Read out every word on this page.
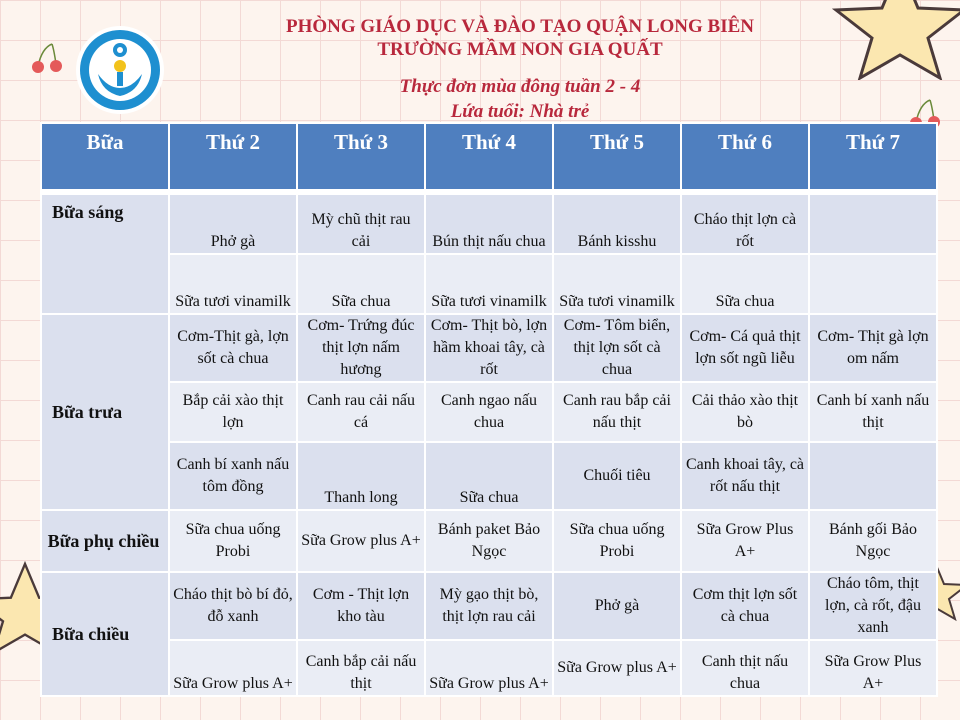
PHÒNG GIÁO DỤC VÀ ĐÀO TẠO QUẬN LONG BIÊN
TRƯỜNG MẦM NON GIA QUẤT
Thực đơn mùa đông tuần 2 - 4
Lứa tuổi: Nhà trẻ
Bữa	Thứ 2	Thứ 3	Thứ 4	Thứ 5	Thứ 6	Thứ 7

Bữa sáng	Phở gà	Mỳ chũ thịt rau cải	Bún thịt nấu chua	Bánh kisshu	Cháo thịt lợn cà rốt	
	Sữa tươi vinamilk	Sữa chua	Sữa tươi vinamilk	Sữa tươi vinamilk	Sữa chua	
Bữa trưa	Cơm-Thịt gà, lợn sốt cà chua	Cơm- Trứng đúc thịt lợn nấm hương	Cơm- Thịt bò, lợn hầm khoai tây, cà rốt	Cơm- Tôm biển, thịt lợn sốt cà chua	Cơm- Cá quả thịt lợn sốt ngũ liễu	Cơm- Thịt gà lợn om nấm
	Bắp cải xào thịt lợn	Canh rau cải nấu cá	Canh ngao nấu chua	Canh rau bắp cải nấu thịt	Cải thảo xào thịt bò	Canh bí xanh nấu thịt
	Canh bí xanh nấu tôm đồng	Thanh long	Sữa chua	Chuối tiêu	Canh khoai tây, cà rốt nấu thịt	
Bữa phụ chiều	Sữa chua uống Probi	Sữa Grow plus A+	Bánh paket Bảo Ngọc	Sữa chua uống Probi	Sữa Grow Plus A+	Bánh gối Bảo Ngọc
Bữa chiều	Cháo thịt bò bí đỏ, đỗ xanh	Cơm - Thịt lợn kho tàu	Mỳ gạo thịt bò, thịt lợn rau cải	Phở gà	Cơm thịt lợn sốt cà chua	Cháo tôm, thịt lợn, cà rốt, đậu xanh
	Sữa Grow plus A+	Canh bắp cải nấu thịt	Sữa Grow plus A+	Sữa Grow plus A+	Canh thịt nấu chua	Sữa Grow Plus A+
